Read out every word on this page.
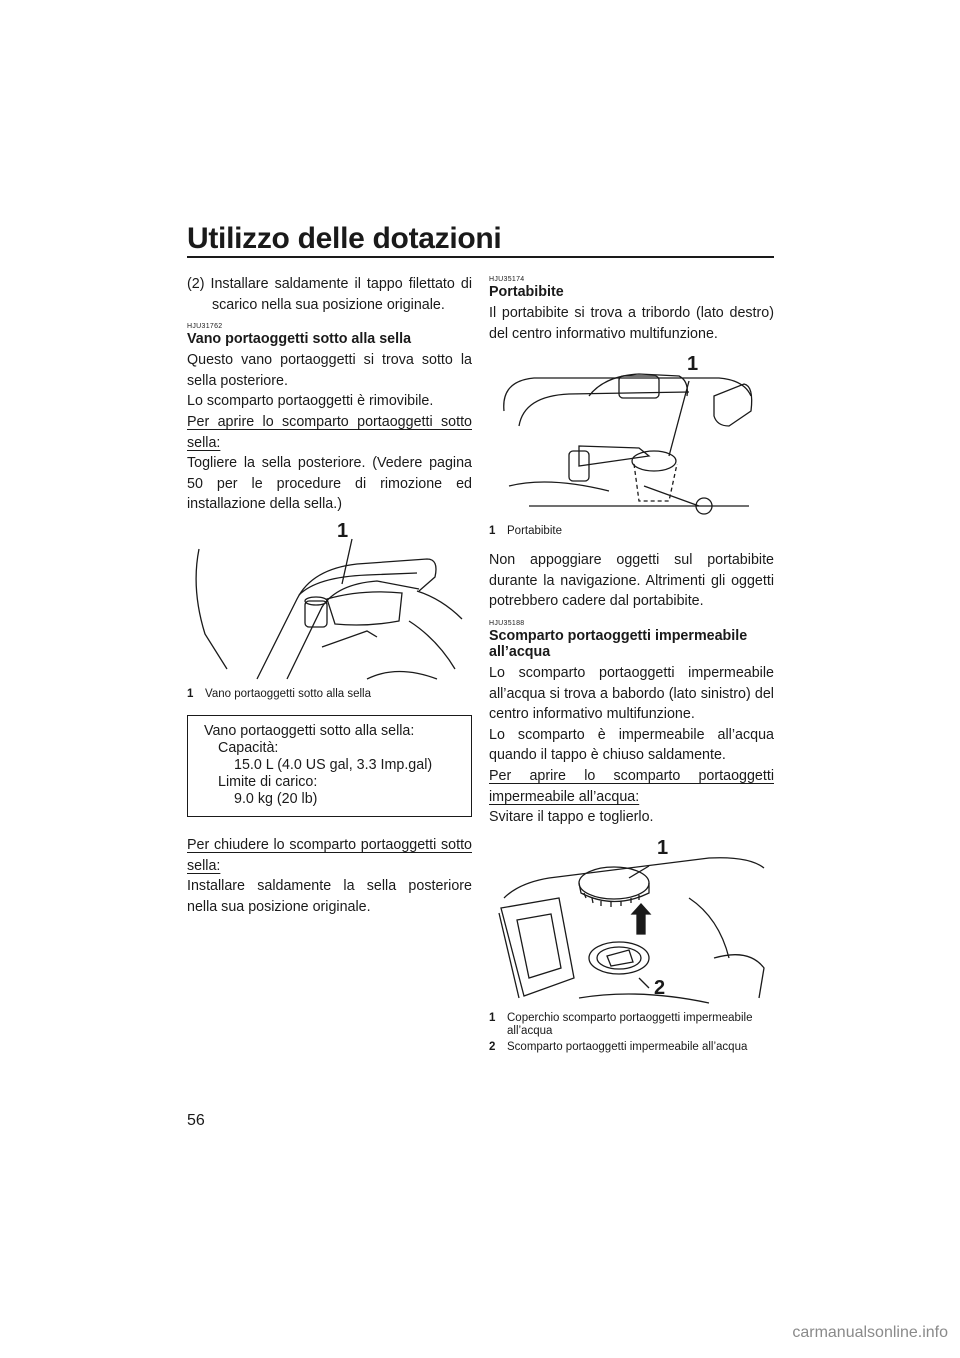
Utilizzo delle dotazioni

(2) Installare saldamente il tappo filettato di scarico nella sua posizione originale.

HJU31762
Vano portaoggetti sotto alla sella

Questo vano portaoggetti si trova sotto la sella posteriore.

Lo scomparto portaoggetti è rimovibile.

Per aprire lo scomparto portaoggetti sotto sella:

Togliere la sella posteriore. (Vedere pagina 50 per le procedure di rimozione ed installazione della sella.)

1
1	Vano portaoggetti sotto alla sella
Vano portaoggetti sotto alla sella:
Capacità:
15.0 L (4.0 US gal, 3.3 Imp.gal)
Limite di carico:
9.0 kg (20 lb)

Per chiudere lo scomparto portaoggetti sotto sella:

Installare saldamente la sella posteriore nella sua posizione originale.

HJU35174
Portabibite

Il portabibite si trova a tribordo (lato destro) del centro informativo multifunzione.

1
1	Portabibite

Non appoggiare oggetti sul portabibite durante la navigazione. Altrimenti gli oggetti potrebbero cadere dal portabibite.

HJU35188
Scomparto portaoggetti impermeabile all’acqua

Lo scomparto portaoggetti impermeabile all’acqua si trova a babordo (lato sinistro) del centro informativo multifunzione.

Lo scomparto è impermeabile all’acqua quando il tappo è chiuso saldamente.

Per aprire lo scomparto portaoggetti impermeabile all’acqua:

Svitare il tappo e toglierlo.

1
2
1	Coperchio scomparto portaoggetti impermeabile all’acqua
2	Scomparto portaoggetti impermeabile all’acqua
56
carmanualsonline.info
